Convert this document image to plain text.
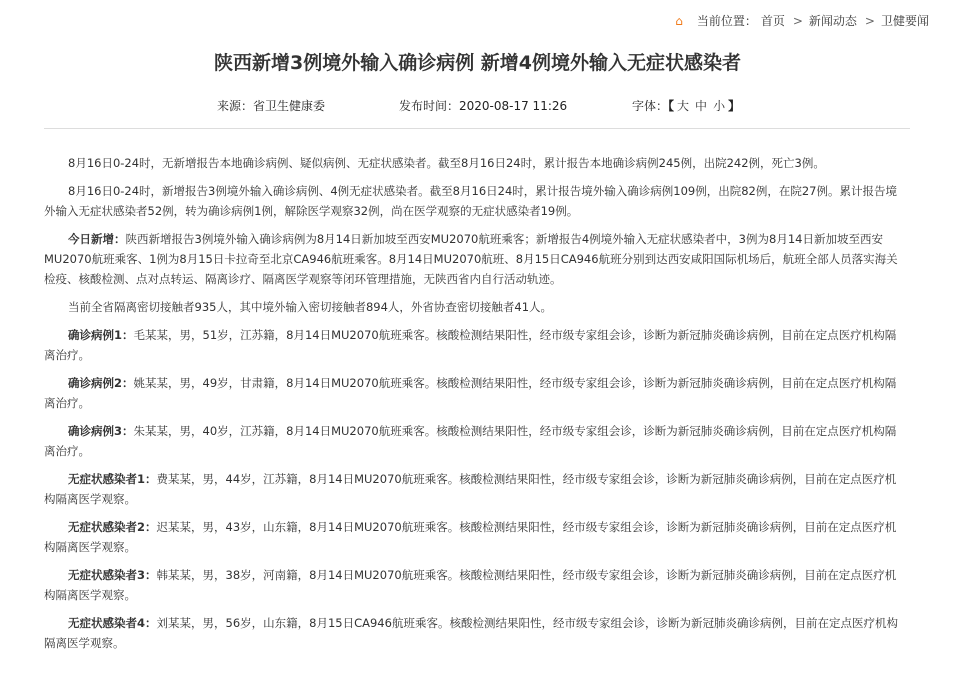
⌂ 当前位置： 首页 > 新闻动态 > 卫健要闻
陕西新增3例境外输入确诊病例 新增4例境外输入无症状感染者
来源：省卫生健康委	发布时间：2020-08-17 11:26	字体：【 大 中 小 】

8月16日0-24时，无新增报告本地确诊病例、疑似病例、无症状感染者。截至8月16日24时，累计报告本地确诊病例245例，出院242例，死亡3例。

8月16日0-24时，新增报告3例境外输入确诊病例、4例无症状感染者。截至8月16日24时，累计报告境外输入确诊病例109例，出院82例，在院27例。累计报告境外输入无症状感染者52例，转为确诊病例1例，解除医学观察32例，尚在医学观察的无症状感染者19例。

今日新增：陕西新增报告3例境外输入确诊病例为8月14日新加坡至西安MU2070航班乘客；新增报告4例境外输入无症状感染者中，3例为8月14日新加坡至西安MU2070航班乘客、1例为8月15日卡拉奇至北京CA946航班乘客。8月14日MU2070航班、8月15日CA946航班分别到达西安咸阳国际机场后，航班全部人员落实海关检疫、核酸检测、点对点转运、隔离诊疗、隔离医学观察等闭环管理措施，无陕西省内自行活动轨迹。

当前全省隔离密切接触者935人，其中境外输入密切接触者894人，外省协查密切接触者41人。

确诊病例1：毛某某，男，51岁，江苏籍，8月14日MU2070航班乘客。核酸检测结果阳性，经市级专家组会诊，诊断为新冠肺炎确诊病例，目前在定点医疗机构隔离治疗。

确诊病例2：姚某某，男，49岁，甘肃籍，8月14日MU2070航班乘客。核酸检测结果阳性，经市级专家组会诊，诊断为新冠肺炎确诊病例，目前在定点医疗机构隔离治疗。

确诊病例3：朱某某，男，40岁，江苏籍，8月14日MU2070航班乘客。核酸检测结果阳性，经市级专家组会诊，诊断为新冠肺炎确诊病例，目前在定点医疗机构隔离治疗。

无症状感染者1：费某某，男，44岁，江苏籍，8月14日MU2070航班乘客。核酸检测结果阳性，经市级专家组会诊，诊断为新冠肺炎确诊病例，目前在定点医疗机构隔离医学观察。

无症状感染者2：迟某某，男，43岁，山东籍，8月14日MU2070航班乘客。核酸检测结果阳性，经市级专家组会诊，诊断为新冠肺炎确诊病例，目前在定点医疗机构隔离医学观察。

无症状感染者3：韩某某，男，38岁，河南籍，8月14日MU2070航班乘客。核酸检测结果阳性，经市级专家组会诊，诊断为新冠肺炎确诊病例，目前在定点医疗机构隔离医学观察。

无症状感染者4：刘某某，男，56岁，山东籍，8月15日CA946航班乘客。核酸检测结果阳性，经市级专家组会诊，诊断为新冠肺炎确诊病例，目前在定点医疗机构隔离医学观察。
